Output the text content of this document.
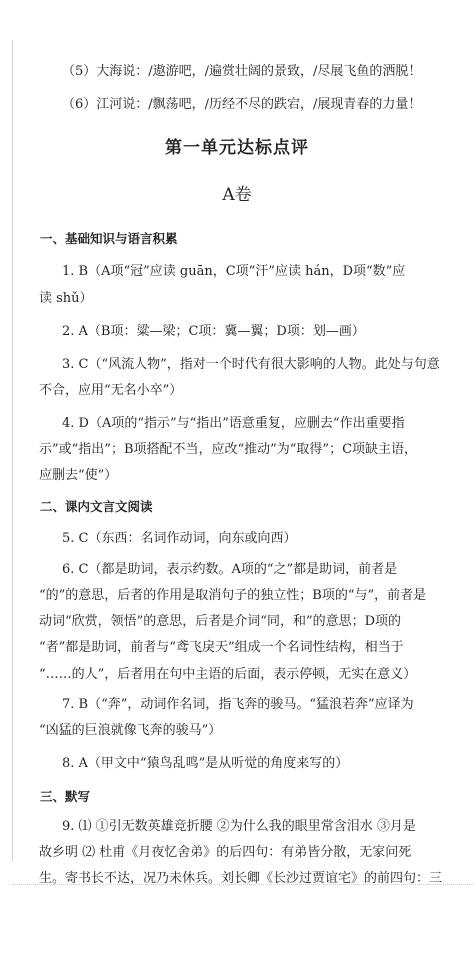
（5）大海说：/遨游吧，/遍赏壮阔的景致，/尽展飞鱼的洒脱！
（6）江河说：/飘荡吧，/历经不尽的跌宕，/展现青春的力量！
第一单元达标点评
A卷
一、基础知识与语言积累
1. B（A项“冠”应读 guān，C项“汗”应读 hán，D项“数”应
读 shǔ）
2. A（B项：粱—梁；C项：冀—翼；D项：划—画）
3. C（“风流人物”，指对一个时代有很大影响的人物。此处与句意
不合，应用“无名小卒”）
4. D（A项的“指示”与“指出”语意重复，应删去“作出重要指
示”或“指出”；B项搭配不当，应改“推动”为“取得”；C项缺主语，
应删去“使”）
二、课内文言文阅读
5. C（东西：名词作动词，向东或向西）
6. C（都是助词，表示约数。A项的“之”都是助词，前者是
“的”的意思，后者的作用是取消句子的独立性；B项的“与”，前者是
动词“欣赏，领悟”的意思，后者是介词“同，和”的意思；D项的
“者”都是助词，前者与“鸢飞戾天”组成一个名词性结构，相当于
“……的人”，后者用在句中主语的后面，表示停顿，无实在意义）
7. B（“奔”，动词作名词，指飞奔的骏马。“猛浪若奔”应译为
“凶猛的巨浪就像飞奔的骏马”）
8. A（甲文中“猿鸟乱鸣”是从听觉的角度来写的）
三、默写
9. ⑴ ①引无数英雄竞折腰 ②为什么我的眼里常含泪水 ③月是
故乡明 ⑵ 杜甫《月夜忆舍弟》的后四句：有弟皆分散，无家问死
生。寄书长不达，况乃未休兵。刘长卿《长沙过贾谊宅》的前四句：三
